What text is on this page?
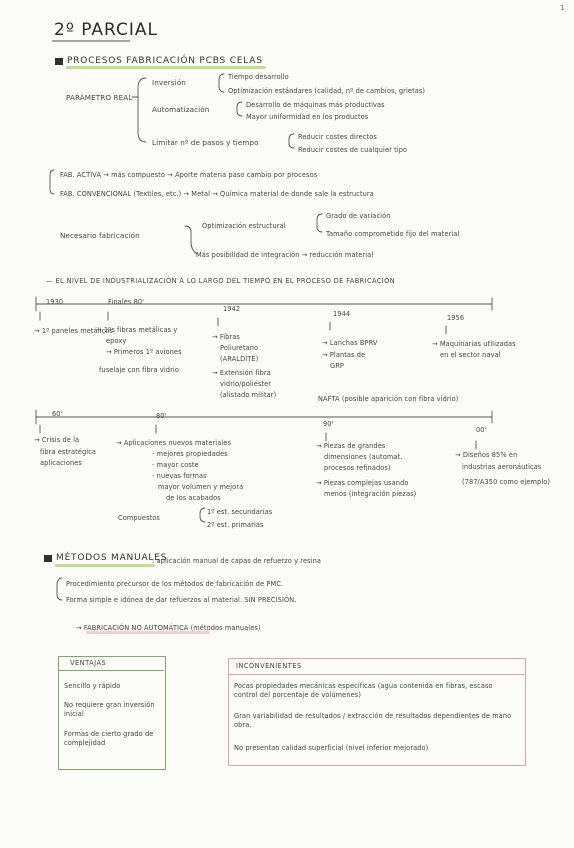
1
2º PARCIAL
PROCESOS FABRICACIÓN PCBS CELAS
PARÁMETRO REAL
Inversión
Tiempo desarrollo
Optimización estándares (calidad, nº de cambios, grietas)
Automatización	Desarrollo de máquinas más productivas
Mayor uniformidad en los productos
Limitar nº de pasos y tiempo
Reducir costes directos
Reducir costes de cualquier tipo
FAB. ACTIVA → más compuesto → Aporte materia paso cambio por procesos
FAB. CONVENCIONAL (Textiles, etc.) → Metal → Química material de donde sale la estructura
Necesario fabricación
Optimización estructural
Grado de variación
Tamaño comprometido fijo del material
Más posibilidad de integración → reducción material
— EL NIVEL DE INDUSTRIALIZACIÓN A LO LARGO DEL TIEMPO EN EL PROCESO DE FABRICACIÓN
1930	Finales 80'
1942
1944	1956
→ 1º paneles metálicos
→ 1ºs fibras metálicas y
epoxy
→ Primeros 1º aviones
fuselaje con fibra vidrio
→ Fibras
Poliuretano
(ARALDITE)
→ Extensión fibra
vidrio/poliéster
(alistado militar)
→ Lanchas BPRV
→ Plantas de
GRP
→ Maquinarias utilizadas
en el sector naval
NAFTA (posible aparición con fibra vidrio)
60'	80'
90'
00'
→ Crisis de la
fibra estratégica
aplicaciones
→ Aplicaciones nuevos materiales
- mejores propiedades
- mayor coste
- nuevas formas
mayor volumen y mejora
de los acabados
Compuestos
1º est. secundarias
2º est. primarias
→ Piezas de grandes
dimensiones (automat.
procesos refinados)
→ Piezas complejas usando
menos (integración piezas)
→ Diseños 85% en
industrias aeronáuticas
(787/A350 como ejemplo)
MÉTODOS MANUALES
: aplicación manual de capas de refuerzo y resina
Procedimiento precursor de los métodos de fabricación de PMC.
Forma simple e idónea de dar refuerzos al material. SIN PRECISIÓN.
→ FABRICACIÓN NO AUTOMÁTICA (métodos manuales)
VENTAJAS
Sencillo y rápido
No requiere gran inversión inicial
Formas de cierto grado de complejidad
INCONVENIENTES
Pocas propiedades mecánicas específicas (agua contenida en fibras, escaso control del porcentaje de volúmenes)
Gran variabilidad de resultados / extracción de resultados dependientes de mano obra.
No presentan calidad superficial (nivel inferior mejorado)
